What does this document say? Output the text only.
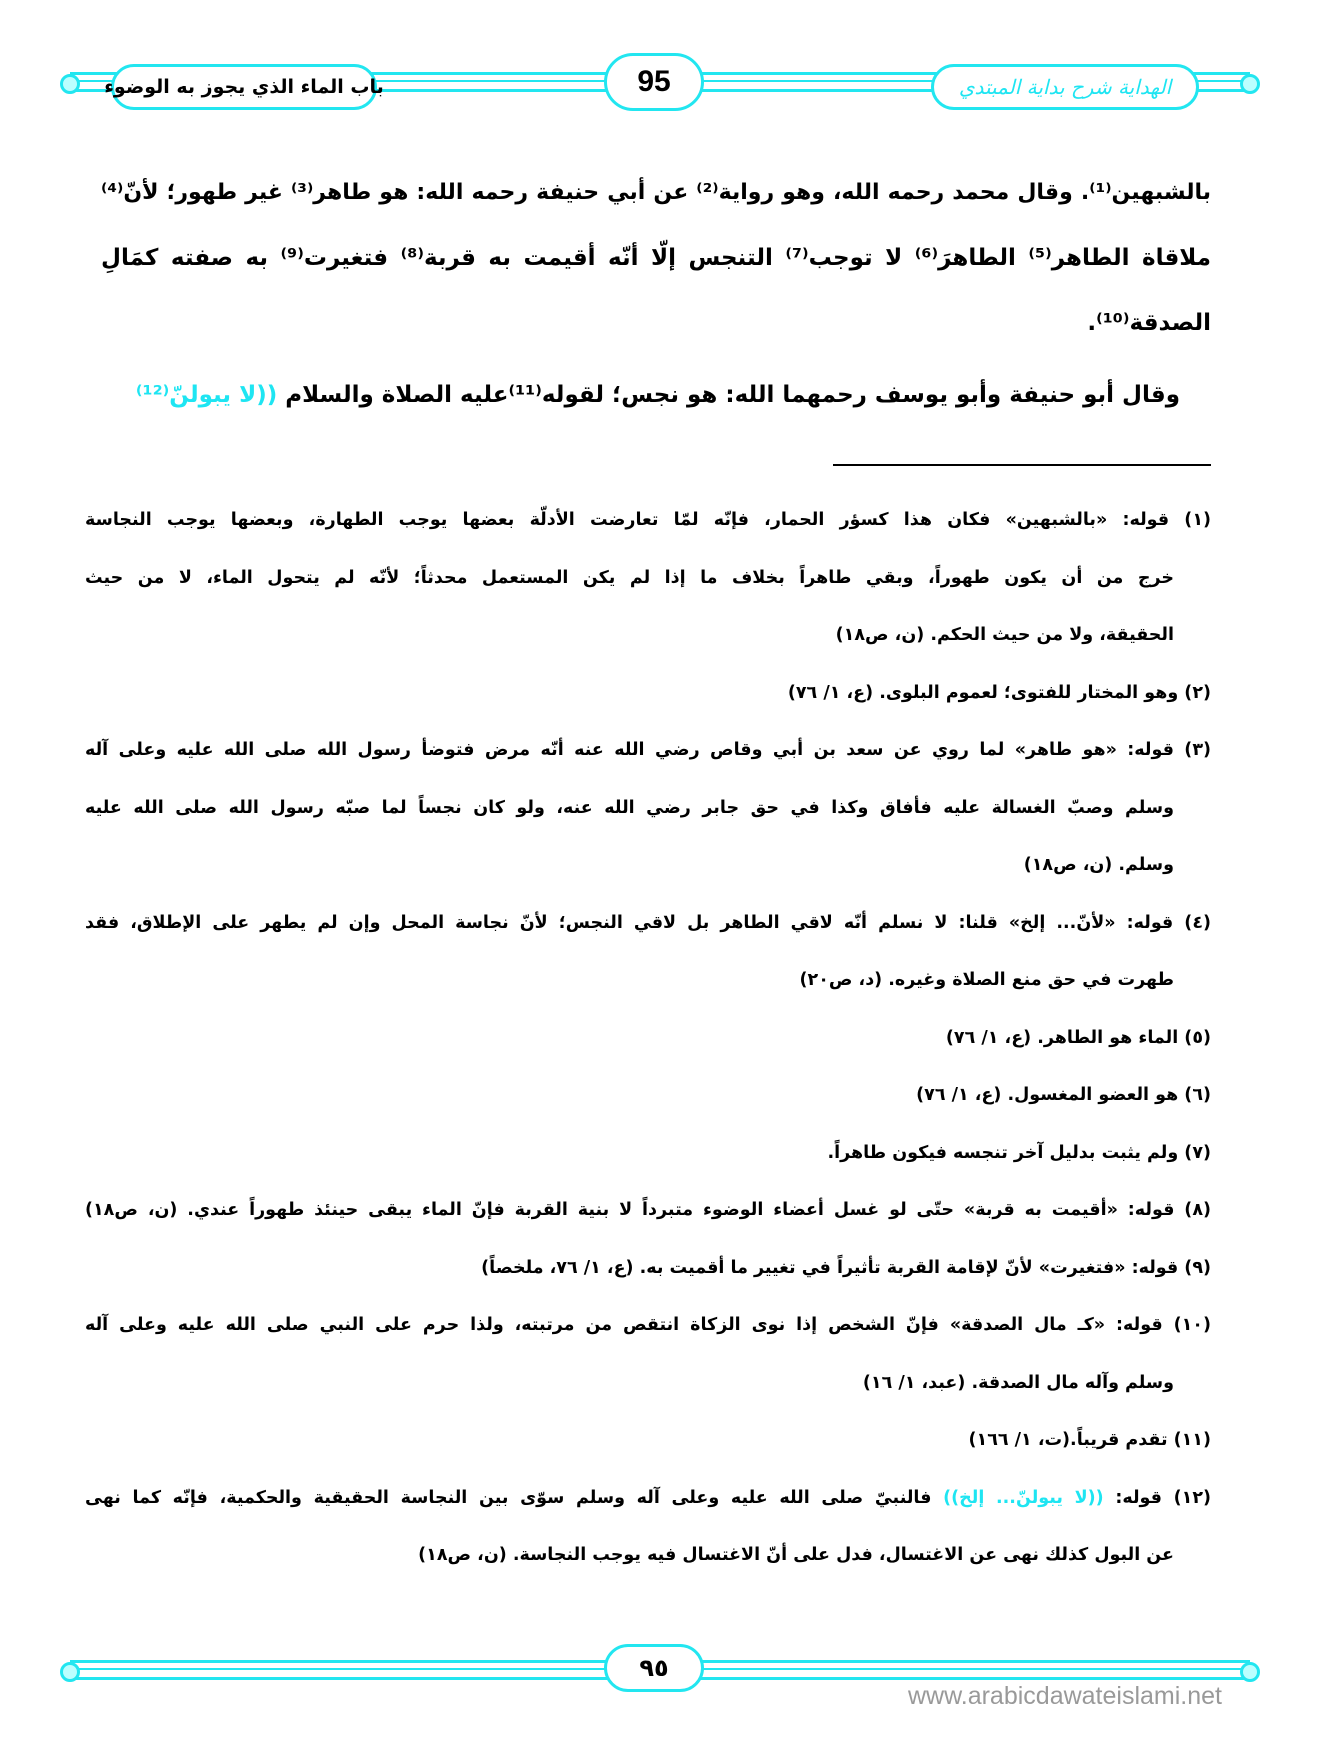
باب الماء الذي يجوز به الوضوء	95	الهداية شرح بداية المبتدي
بالشبهين⁽¹⁾. وقال محمد رحمه الله، وهو رواية⁽²⁾ عن أبي حنيفة رحمه الله: هو طاهر⁽³⁾ غير طهور؛ لأنّ⁽⁴⁾
ملاقاة الطاهر⁽⁵⁾ الطاهرَ⁽⁶⁾ لا توجب⁽⁷⁾ التنجس إلّا أنّه أقيمت به قربة⁽⁸⁾ فتغيرت⁽⁹⁾ به صفته كمَالِ
الصدقة⁽¹⁰⁾.
وقال أبو حنيفة وأبو يوسف رحمهما الله: هو نجس؛ لقوله⁽¹¹⁾عليه الصلاة والسلام ((لا يبولنّ⁽¹²⁾
(١) قوله: «بالشبهين» فكان هذا كسؤر الحمار، فإنّه لمّا تعارضت الأدلّة بعضها يوجب الطهارة، وبعضها يوجب النجاسة
خرج من أن يكون طهوراً، وبقي طاهراً بخلاف ما إذا لم يكن المستعمل محدثاً؛ لأنّه لم يتحول الماء، لا من حيث
الحقيقة، ولا من حيث الحكم. (ن، ص١٨)
(٢) وهو المختار للفتوى؛ لعموم البلوى. (ع، ١/ ٧٦)
(٣) قوله: «هو طاهر» لما روي عن سعد بن أبي وقاص رضي الله عنه أنّه مرض فتوضأ رسول الله صلى الله عليه وعلى آله
وسلم وصبّ الغسالة عليه فأفاق وكذا في حق جابر رضي الله عنه، ولو كان نجساً لما صبّه رسول الله صلى الله عليه
وسلم. (ن، ص١٨)
(٤) قوله: «لأنّ... إلخ» قلنا: لا نسلم أنّه لاقي الطاهر بل لاقي النجس؛ لأنّ نجاسة المحل وإن لم يطهر على الإطلاق، فقد
طهرت في حق منع الصلاة وغيره. (د، ص٢٠)
(٥) الماء هو الطاهر. (ع، ١/ ٧٦)
(٦) هو العضو المغسول. (ع، ١/ ٧٦)
(٧) ولم يثبت بدليل آخر تنجسه فيكون طاهراً.
(٨) قوله: «أقيمت به قربة» حتّى لو غسل أعضاء الوضوء متبرداً لا بنية القربة فإنّ الماء يبقى حينئذ طهوراً عندي. (ن، ص١٨)
(٩) قوله: «فتغيرت» لأنّ لإقامة القربة تأثيراً في تغيير ما أقميت به. (ع، ١/ ٧٦، ملخصاً)
(١٠) قوله: «كـ مال الصدقة» فإنّ الشخص إذا نوى الزكاة انتقص من مرتبته، ولذا حرم على النبي صلى الله عليه وعلى آله
وسلم وآله مال الصدقة. (عبد، ١/ ١٦)
(١١) تقدم قريباً.(ت، ١/ ١٦٦)
(١٢) قوله: ((لا يبولنّ... إلخ)) فالنبيّ صلى الله عليه وعلى آله وسلم سوّى بين النجاسة الحقيقية والحكمية، فإنّه كما نهى
عن البول كذلك نهى عن الاغتسال، فدل على أنّ الاغتسال فيه يوجب النجاسة. (ن، ص١٨)
٩٥
www.arabicdawateislami.net
